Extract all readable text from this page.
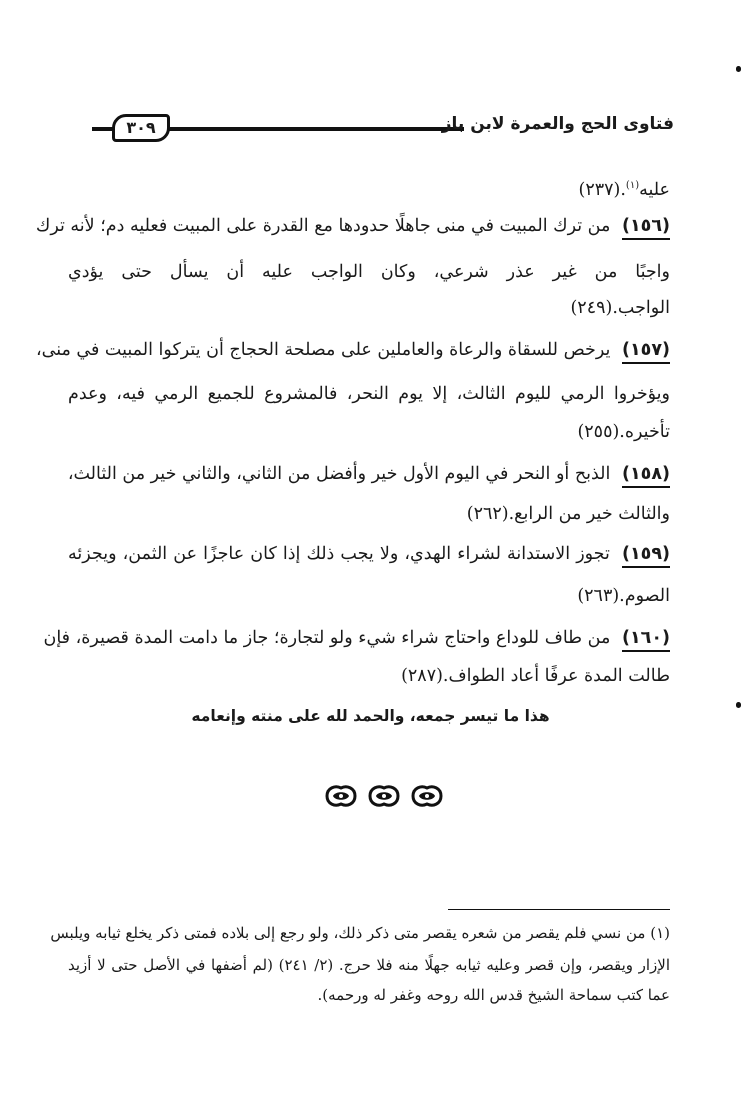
٣٠٩	فتاوى الحج والعمرة لابن باز
عليه$^{(١)}$.(٢٣٧)
(١٥٦) من ترك المبيت في منى جاهلًا حدودها مع القدرة على المبيت فعليه دم؛ لأنه ترك
واجبًا من غير عذر شرعي، وكان الواجب عليه أن يسأل حتى يؤدي
الواجب.(٢٤٩)
(١٥٧) يرخص للسقاة والرعاة والعاملين على مصلحة الحجاج أن يتركوا المبيت في منى،
ويؤخروا الرمي لليوم الثالث، إلا يوم النحر، فالمشروع للجميع الرمي فيه، وعدم
تأخيره.(٢٥٥)
(١٥٨) الذبح أو النحر في اليوم الأول خير وأفضل من الثاني، والثاني خير من الثالث،
والثالث خير من الرابع.(٢٦٢)
(١٥٩) تجوز الاستدانة لشراء الهدي، ولا يجب ذلك إذا كان عاجزًا عن الثمن، ويجزئه
الصوم.(٢٦٣)
(١٦٠) من طاف للوداع واحتاج شراء شيء ولو لتجارة؛ جاز ما دامت المدة قصيرة، فإن
طالت المدة عرفًا أعاد الطواف.(٢٨٧)
هذا ما تيسر جمعه، والحمد لله على منته وإنعامه
(١) من نسي فلم يقصر من شعره يقصر متى ذكر ذلك، ولو رجع إلى بلاده فمتى ذكر يخلع ثيابه ويلبس
الإزار ويقصر، وإن قصر وعليه ثيابه جهلًا منه فلا حرج. (٢/ ٢٤١) (لم أضفها في الأصل حتى لا أزيد
عما كتب سماحة الشيخ قدس الله روحه وغفر له ورحمه).
